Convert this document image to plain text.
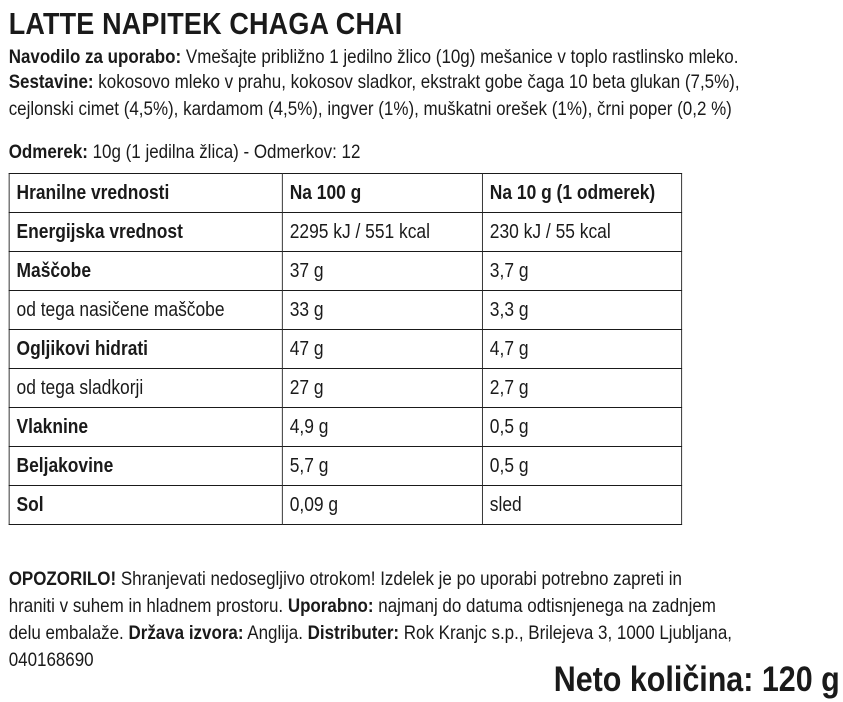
LATTE NAPITEK CHAGA CHAI
Navodilo za uporabo: Vmešajte približno 1 jedilno žlico (10g) mešanice v toplo rastlinsko mleko.
Sestavine: kokosovo mleko v prahu, kokosov sladkor, ekstrakt gobe čaga 10 beta glukan (7,5%),
cejlonski cimet (4,5%), kardamom (4,5%), ingver (1%), muškatni orešek (1%), črni poper (0,2 %)
Odmerek: 10g (1 jedilna žlica) - Odmerkov: 12
Hranilne vrednosti	Na 100 g	Na 10 g (1 odmerek)
Energijska vrednost	2295 kJ / 551 kcal	230 kJ / 55 kcal
Maščobe	37 g	3,7 g
od tega nasičene maščobe	33 g	3,3 g
Ogljikovi hidrati	47 g	4,7 g
od tega sladkorji	27 g	2,7 g
Vlaknine	4,9 g	0,5 g
Beljakovine	5,7 g	0,5 g
Sol	0,09 g	sled
OPOZORILO! Shranjevati nedosegljivo otrokom! Izdelek je po uporabi potrebno zapreti in
hraniti v suhem in hladnem prostoru. Uporabno: najmanj do datuma odtisnjenega na zadnjem
delu embalaže. Država izvora: Anglija. Distributer: Rok Kranjc s.p., Brilejeva 3, 1000 Ljubljana,
040168690	Neto količina: 120 g
